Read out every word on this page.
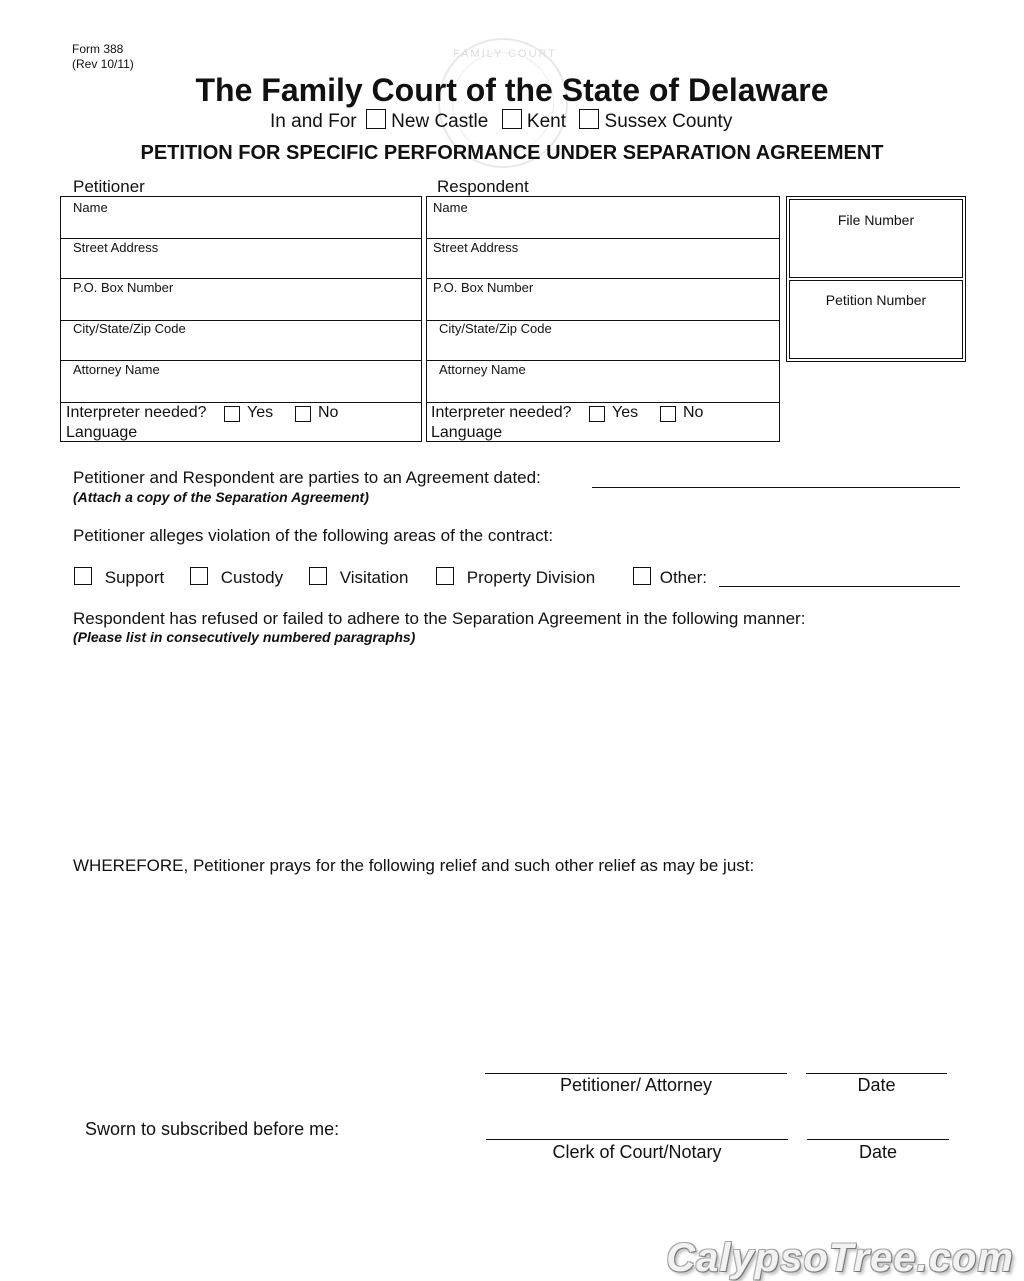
FAMILY COURT
Form 388
(Rev 10/11)
The Family Court of the State of Delaware
In and For New Castle Kent Sussex County
PETITION FOR SPECIFIC PERFORMANCE UNDER SEPARATION AGREEMENT
Petitioner
Name
Street Address
P.O. Box Number
City/State/Zip Code
Attorney Name
Interpreter needed?	Yes	No
Language
Respondent
Name
Street Address
P.O. Box Number
City/State/Zip Code
Attorney Name
Interpreter needed?	Yes	No
Language
File Number
Petition Number
Petitioner and Respondent are parties to an Agreement dated:
(Attach a copy of the Separation Agreement)
Petitioner alleges violation of the following areas of the contract:
Support	Custody	Visitation	Property Division	Other:
Respondent has refused or failed to adhere to the Separation Agreement in the following manner:
(Please list in consecutively numbered paragraphs)
WHEREFORE, Petitioner prays for the following relief and such other relief as may be just:
Petitioner/ Attorney	Date
Sworn to subscribed before me:
Clerk of Court/Notary	Date
CalypsoTree.com
